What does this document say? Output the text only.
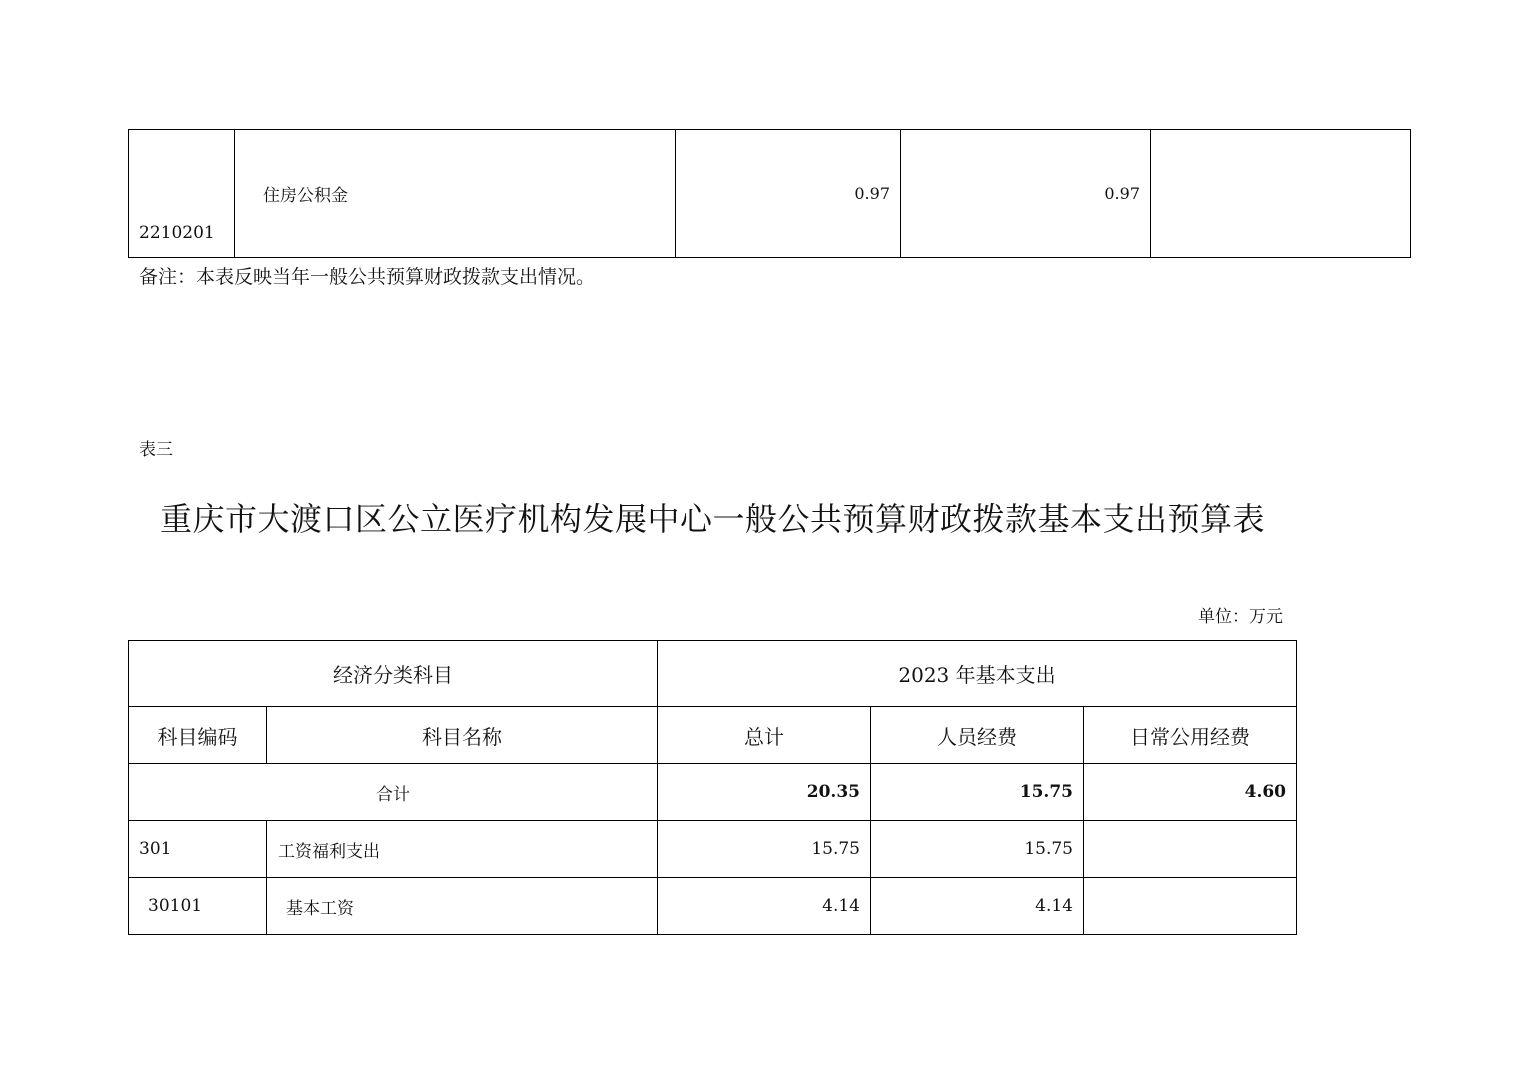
2210201	住房公积金	0.97	0.97	
备注：本表反映当年一般公共预算财政拨款支出情况。
表三
重庆市大渡口区公立医疗机构发展中心一般公共预算财政拨款基本支出预算表
单位：万元
经济分类科目		2023 年基本支出		
科目编码	科目名称	总计	人员经费	日常公用经费
合计		20.35	15.75	4.60
301	工资福利支出	15.75	15.75	
30101	基本工资	4.14	4.14	
